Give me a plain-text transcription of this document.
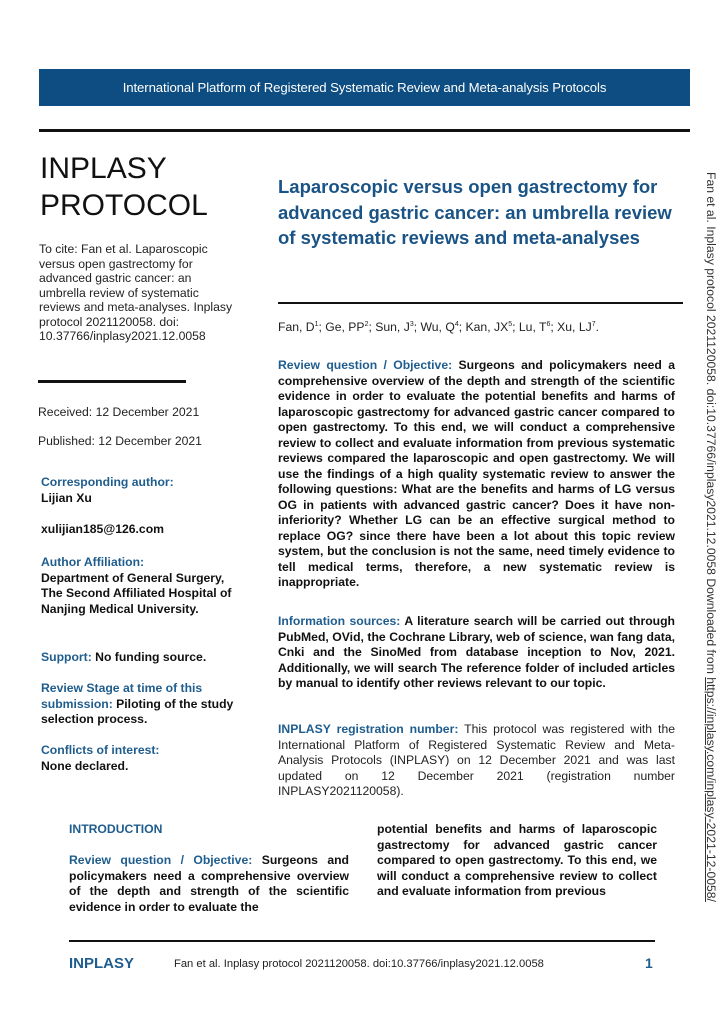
International Platform of Registered Systematic Review and Meta-analysis Protocols
INPLASY
PROTOCOL
To cite: Fan et al. Laparoscopic versus open gastrectomy for advanced gastric cancer: an umbrella review of systematic reviews and meta-analyses. Inplasy protocol 2021120058. doi: 10.37766/inplasy2021.12.0058
Received: 12 December 2021
Published: 12 December 2021
Corresponding author:
Lijian Xu
xulijian185@126.com
Author Affiliation:
Department of General Surgery, The Second Affiliated Hospital of Nanjing Medical University.
Support: No funding source.
Review Stage at time of this submission: Piloting of the study selection process.
Conflicts of interest:
None declared.
Laparoscopic versus open gastrectomy for advanced gastric cancer: an umbrella review of systematic reviews and meta-analyses
Fan, $D^1$; Ge, $PP^2$; Sun, $J^3$; Wu, $Q^4$; Kan, $JX^5$; Lu, $T^6$; Xu, $LJ^7$.
Review question / Objective: Surgeons and policymakers need a comprehensive overview of the depth and strength of the scientific evidence in order to evaluate the potential benefits and harms of laparoscopic gastrectomy for advanced gastric cancer compared to open gastrectomy. To this end, we will conduct a comprehensive review to collect and evaluate information from previous systematic reviews compared the laparoscopic and open gastrectomy. We will use the findings of a high quality systematic review to answer the following questions: What are the benefits and harms of LG versus OG in patients with advanced gastric cancer? Does it have non-inferiority? Whether LG can be an effective surgical method to replace OG? since there have been a lot about this topic review system, but the conclusion is not the same, need timely evidence to tell medical terms, therefore, a new systematic review is inappropriate.
Information sources: A literature search will be carried out through PubMed, OVid, the Cochrane Library, web of science, wan fang data, Cnki and the SinoMed from database inception to Nov, 2021. Additionally, we will search The reference folder of included articles by manual to identify other reviews relevant to our topic.
INPLASY registration number: This protocol was registered with the International Platform of Registered Systematic Review and Meta-Analysis Protocols (INPLASY) on 12 December 2021 and was last updated on 12 December 2021 (registration number INPLASY2021120058).
INTRODUCTION
Review question / Objective: Surgeons and policymakers need a comprehensive overview of the depth and strength of the scientific evidence in order to evaluate the
potential benefits and harms of laparoscopic gastrectomy for advanced gastric cancer compared to open gastrectomy. To this end, we will conduct a comprehensive review to collect and evaluate information from previous
INPLASY	Fan et al. Inplasy protocol 2021120058. doi:10.37766/inplasy2021.12.0058	1
Fan et al. Inplasy protocol 2021120058. doi:10.37766/inplasy2021.12.0058 Downloaded from https://inplasy.com/inplasy-2021-12-0058/
